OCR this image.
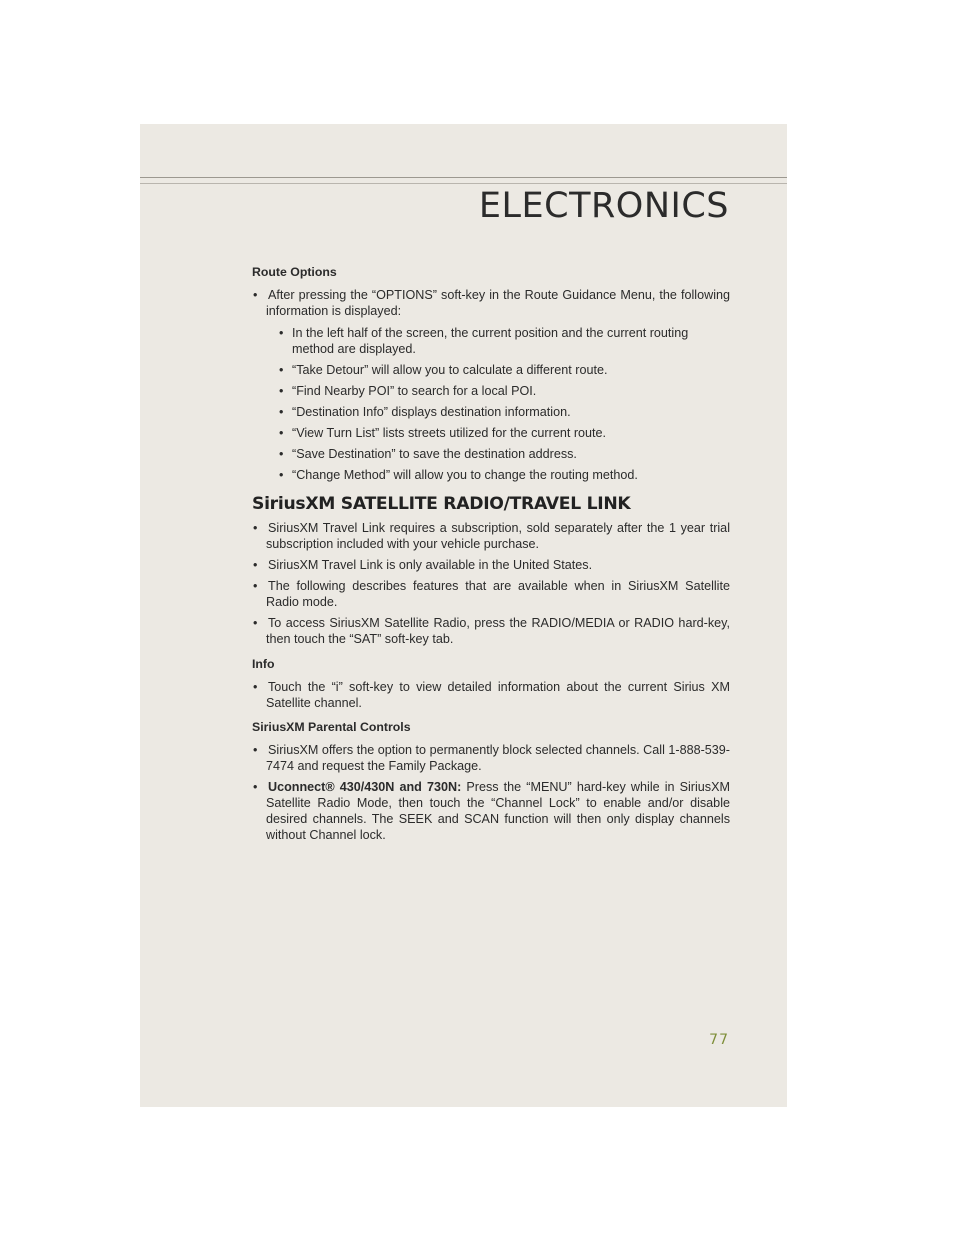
ELECTRONICS
Route Options
• After pressing the “OPTIONS” soft-key in the Route Guidance Menu, the following information is displayed:
• In the left half of the screen, the current position and the current routing method are displayed.
• “Take Detour” will allow you to calculate a different route.
• “Find Nearby POI” to search for a local POI.
• “Destination Info” displays destination information.
• “View Turn List” lists streets utilized for the current route.
• “Save Destination” to save the destination address.
• “Change Method” will allow you to change the routing method.
SiriusXM SATELLITE RADIO/TRAVEL LINK
• SiriusXM Travel Link requires a subscription, sold separately after the 1 year trial subscription included with your vehicle purchase.
• SiriusXM Travel Link is only available in the United States.
• The following describes features that are available when in SiriusXM Satellite Radio mode.
• To access SiriusXM Satellite Radio, press the RADIO/MEDIA or RADIO hard-key, then touch the “SAT” soft-key tab.
Info
• Touch the “i” soft-key to view detailed information about the current Sirius XM Satellite channel.
SiriusXM Parental Controls
• SiriusXM offers the option to permanently block selected channels. Call 1-888-539-7474 and request the Family Package.
• Uconnect® 430/430N and 730N: Press the “MENU” hard-key while in SiriusXM Satellite Radio Mode, then touch the “Channel Lock” to enable and/or disable desired channels. The SEEK and SCAN function will then only display channels without Channel lock.
77
